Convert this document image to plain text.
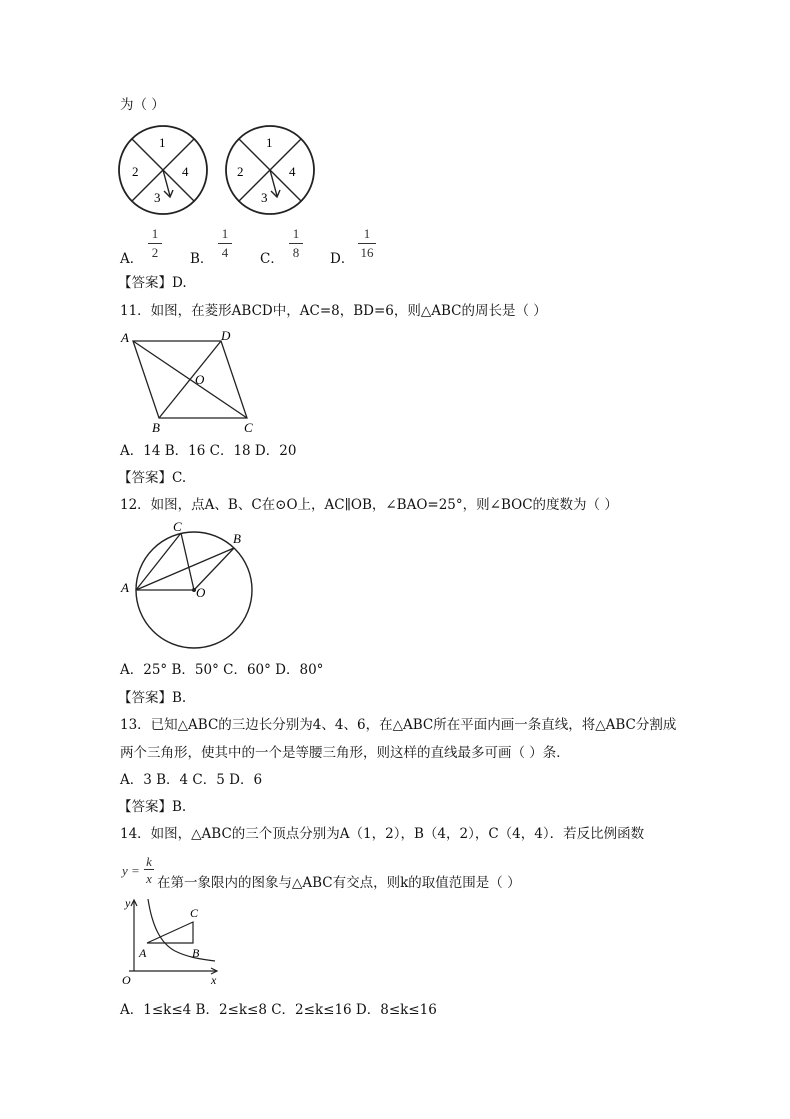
为（ ）
1
2
3
4
1
2
3
4
A．
1
2 B．
1
4 C．
1
8 D．
1
16
【答案】D.
11．如图，在菱形ABCD中，AC=8，BD=6，则△ABC的周长是（ ）
A	D
O
B	C
A．14 B．16 C．18 D．20
【答案】C.
12．如图，点A、B、C在⊙O上，AC∥OB，∠BAO=25°，则∠BOC的度数为（ ）
A
C
B
O
A．25° B．50° C．60° D．80°
【答案】B.
13．已知△ABC的三边长分别为4、4、6，在△ABC所在平面内画一条直线，将△ABC分割成
两个三角形，使其中的一个是等腰三角形，则这样的直线最多可画（ ）条．
A．3 B．4 C．5 D．6
【答案】B.
14．如图，△ABC的三个顶点分别为A（1，2），B（4，2），C（4，4）．若反比例函数
y =
k
x 在第一象限内的图象与△ABC有交点，则k的取值范围是（ ）
y
x
O
A	B
C
A．1≤k≤4 B．2≤k≤8 C．2≤k≤16 D．8≤k≤16
